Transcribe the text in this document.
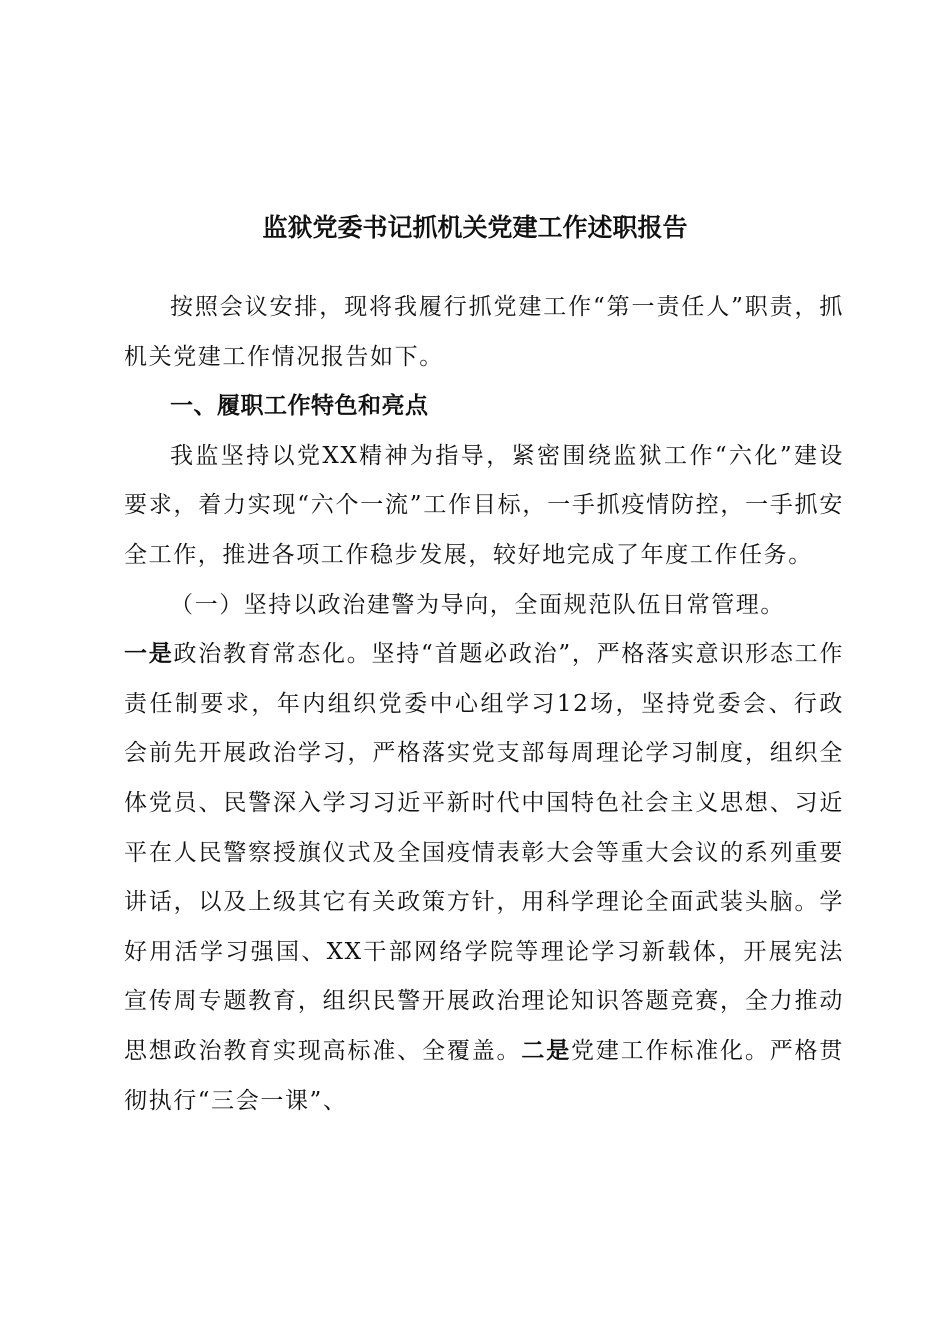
监狱党委书记抓机关党建工作述职报告

按照会议安排，现将我履行抓党建工作“第一责任人”职责，抓机关党建工作情况报告如下。

一、履职工作特色和亮点

我监坚持以党XX精神为指导，紧密围绕监狱工作“六化”建设要求，着力实现“六个一流”工作目标，一手抓疫情防控，一手抓安全工作，推进各项工作稳步发展，较好地完成了年度工作任务。

（一）坚持以政治建警为导向，全面规范队伍日常管理。

一是政治教育常态化。坚持“首题必政治”，严格落实意识形态工作责任制要求，年内组织党委中心组学习12场，坚持党委会、行政会前先开展政治学习，严格落实党支部每周理论学习制度，组织全体党员、民警深入学习习近平新时代中国特色社会主义思想、习近平在人民警察授旗仪式及全国疫情表彰大会等重大会议的系列重要讲话，以及上级其它有关政策方针，用科学理论全面武装头脑。学好用活学习强国、XX干部网络学院等理论学习新载体，开展宪法宣传周专题教育，组织民警开展政治理论知识答题竞赛，全力推动思想政治教育实现高标准、全覆盖。二是党建工作标准化。严格贯彻执行“三会一课”、
